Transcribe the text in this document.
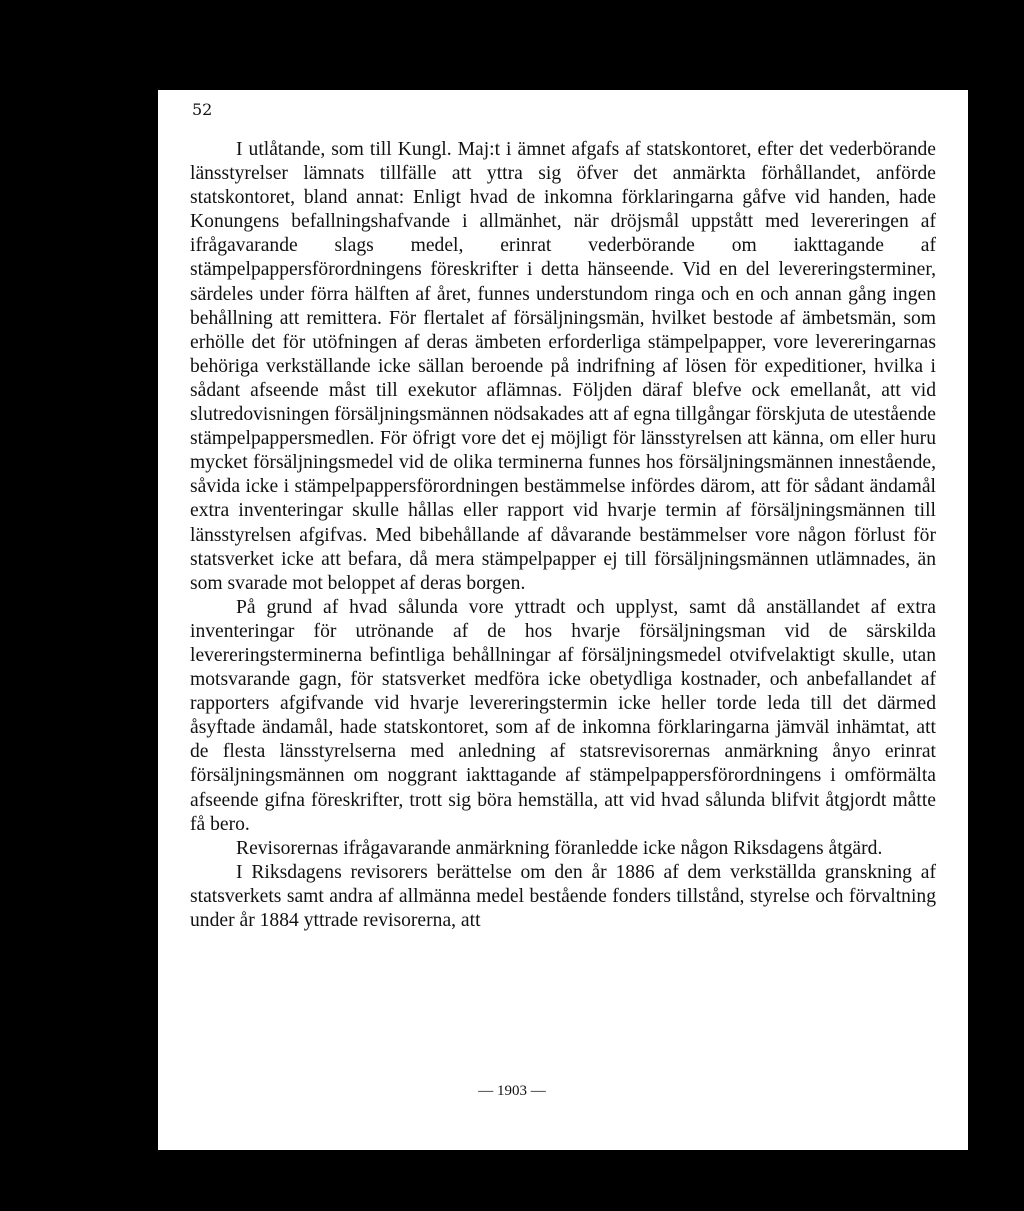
52

I utlåtande, som till Kungl. Maj:t i ämnet afgafs af statskontoret, efter det vederbörande länsstyrelser lämnats tillfälle att yttra sig öfver det anmärkta förhållandet, anförde statskontoret, bland annat: Enligt hvad de inkomna förklaringarna gåfve vid handen, hade Konungens befallningshafvande i allmänhet, när dröjsmål uppstått med levereringen af ifrågavarande slags medel, erinrat vederbörande om iakttagande af stämpelpappersförordningens föreskrifter i detta hänseende. Vid en del levereringsterminer, särdeles under förra hälften af året, funnes understundom ringa och en och annan gång ingen behållning att remittera. För flertalet af försäljningsmän, hvilket bestode af ämbetsmän, som erhölle det för utöfningen af deras ämbeten erforderliga stämpelpapper, vore levereringarnas behöriga verkställande icke sällan beroende på indrifning af lösen för expeditioner, hvilka i sådant afseende måst till exekutor aflämnas. Följden däraf blefve ock emellanåt, att vid slutredovisningen försäljningsmännen nödsakades att af egna tillgångar förskjuta de utestående stämpelpappersmedlen. För öfrigt vore det ej möjligt för länsstyrelsen att känna, om eller huru mycket försäljningsmedel vid de olika terminerna funnes hos försäljningsmännen innestående, såvida icke i stämpelpappersförordningen bestämmelse infördes därom, att för sådant ändamål extra inventeringar skulle hållas eller rapport vid hvarje termin af försäljningsmännen till länsstyrelsen afgifvas. Med bibehållande af dåvarande bestämmelser vore någon förlust för statsverket icke att befara, då mera stämpelpapper ej till försäljningsmännen utlämnades, än som svarade mot beloppet af deras borgen.

På grund af hvad sålunda vore yttradt och upplyst, samt då anställandet af extra inventeringar för utrönande af de hos hvarje försäljningsman vid de särskilda levereringsterminerna befintliga behållningar af försäljningsmedel otvifvelaktigt skulle, utan motsvarande gagn, för statsverket medföra icke obetydliga kostnader, och anbefallandet af rapporters afgifvande vid hvarje levereringstermin icke heller torde leda till det därmed åsyftade ändamål, hade statskontoret, som af de inkomna förklaringarna jämväl inhämtat, att de flesta länsstyrelserna med anledning af statsrevisorernas anmärkning ånyo erinrat försäljningsmännen om noggrant iakttagande af stämpelpappersförordningens i omförmälta afseende gifna föreskrifter, trott sig böra hemställa, att vid hvad sålunda blifvit åtgjordt måtte få bero.

Revisorernas ifrågavarande anmärkning föranledde icke någon Riksdagens åtgärd.

I Riksdagens revisorers berättelse om den år 1886 af dem verkställda granskning af statsverkets samt andra af allmänna medel bestående fonders tillstånd, styrelse och förvaltning under år 1884 yttrade revisorerna, att

— 1903 —
